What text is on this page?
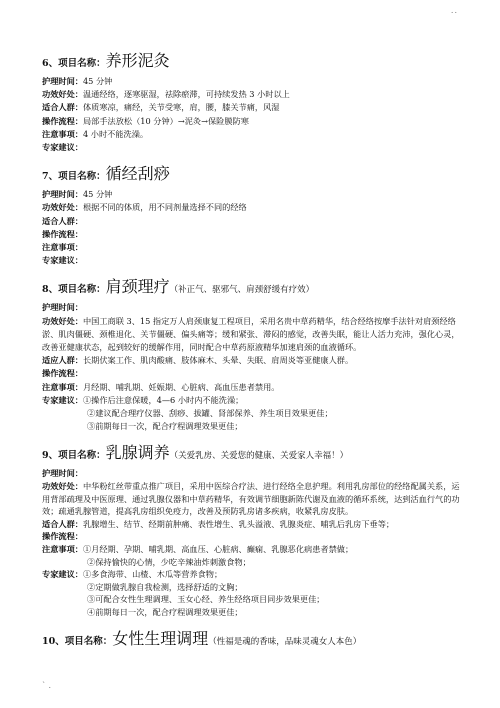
..
6、项目名称：养形泥灸
护理时间：45 分钟
功效好处：温通经络，逐寒驱湿，祛除瘀滞，可持续发热 3 小时以上
适合人群：体质寒凉，痛经，关节受寒，肩，腰，膝关节痛，风湿
操作流程：局部手法放松（10 分钟）→泥灸→保险膜防寒
注意事项：4 小时不能洗澡。
专家建议：
7、项目名称：循经刮痧
护理时间：45 分钟
功效好处：根据不同的体质，用不同剂量选择不同的经络
适合人群：
操作流程：
注意事项：
专家建议：
8、项目名称：肩颈理疗（补正气、驱邪气、肩颈舒缓有疗效）
护理时间：
功效好处：中国工商联 3、15 指定万人肩颈康复工程项目，采用名贵中草药精华，结合经络按摩手法针对肩颈经络淤、肌肉僵硬、颈椎退化、关节僵硬、偏头痛等；缓和紧张、滞闷的感觉，改善失眠，能让人活力充沛，强化心灵，改善亚健康状态，起到较好的缓解作用，同时配合中草药原液精华加速肩颈的血液循环。
适应人群：长期伏案工作、肌肉酸痛、肢体麻木、头晕、失眠、肩周炎等亚健康人群。
操作流程：
注意事项：月经期、哺乳期、妊娠期、心脏病、高血压患者禁用。
专家建议：①操作后注意保暖，4—6 小时内不能洗澡；
②建议配合理疗仪器、刮痧、拔罐、肾部保养、养生项目效果更佳；
③前期每日一次，配合疗程调理效果更佳；
9、项目名称：乳腺调养（关爱乳房、关爱您的健康、关爱家人幸福！）
护理时间：
功效好处：中华粉红丝带重点推广项目，采用中医综合疗法、进行经络全息护理。利用乳房部位的经络配属关系，运用背部疏理及中医原理、通过乳腺仪器和中草药精华，有效调节细胞新陈代谢及血液的循环系统，达到活血行气的功效；疏通乳腺管道，提高乳房组织免疫力，改善及预防乳房诸多疾病，收紧乳房皮肤。
适合人群：乳腺增生、结节、经期前肿痛、表性增生、乳头溢液、乳腺炎症、哺乳后乳房下垂等；
操作流程：
注意事项：①月经期、孕期、哺乳期、高血压、心脏病、癫痫、乳腺恶化病患者禁做；
②保持愉快的心情，少吃辛辣油炸刺激食物；
专家建议：①多食海带、山楂、木瓜等营养食物；
②定期做乳腺自我检测，选择舒适的文胸；
③可配合女性生理调理、玉女心经、养生经络项目同步效果更佳；
④前期每日一次，配合疗程调理效果更佳；
10、项目名称：女性生理调理（性福是魂的香味，品味灵魂女人本色）
` .
